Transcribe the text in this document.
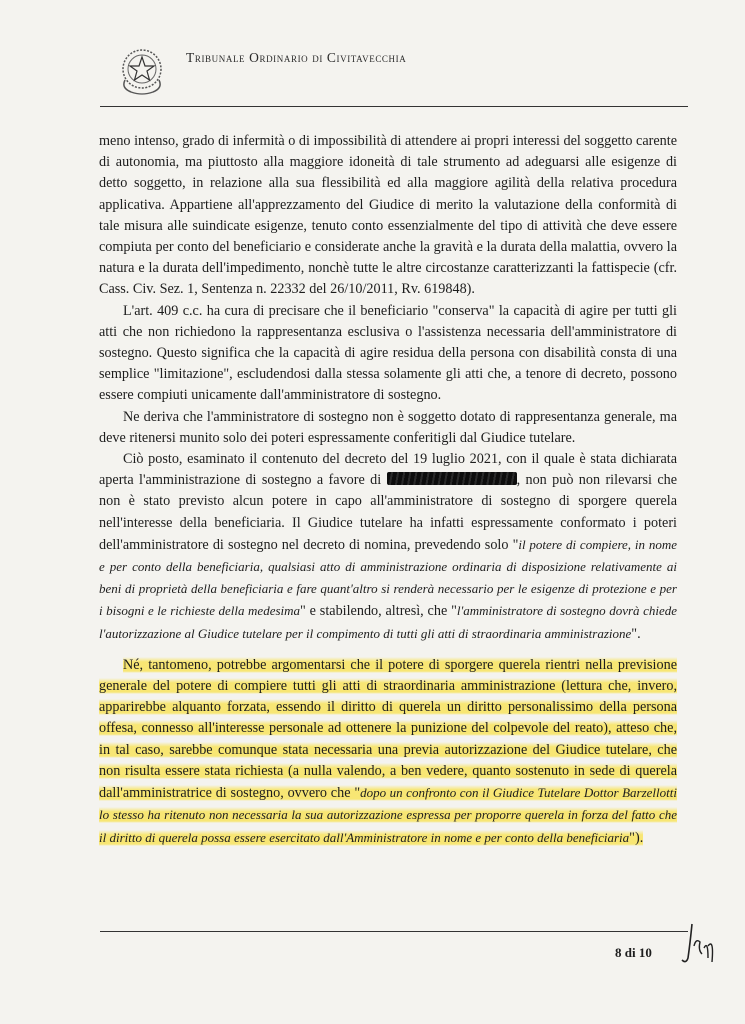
Tribunale Ordinario di Civitavecchia

meno intenso, grado di infermità o di impossibilità di attendere ai propri interessi del soggetto carente di autonomia, ma piuttosto alla maggiore idoneità di tale strumento ad adeguarsi alle esigenze di detto soggetto, in relazione alla sua flessibilità ed alla maggiore agilità della relativa procedura applicativa. Appartiene all'apprezzamento del Giudice di merito la valutazione della conformità di tale misura alle suindicate esigenze, tenuto conto essenzialmente del tipo di attività che deve essere compiuta per conto del beneficiario e considerate anche la gravità e la durata della malattia, ovvero la natura e la durata dell'impedimento, nonchè tutte le altre circostanze caratterizzanti la fattispecie (cfr. Cass. Civ. Sez. 1, Sentenza n. 22332 del 26/10/2011, Rv. 619848).

L'art. 409 c.c. ha cura di precisare che il beneficiario "conserva" la capacità di agire per tutti gli atti che non richiedono la rappresentanza esclusiva o l'assistenza necessaria dell'amministratore di sostegno. Questo significa che la capacità di agire residua della persona con disabilità consta di una semplice "limitazione", escludendosi dalla stessa solamente gli atti che, a tenore di decreto, possono essere compiuti unicamente dall'amministratore di sostegno.

Ne deriva che l'amministratore di sostegno non è soggetto dotato di rappresentanza generale, ma deve ritenersi munito solo dei poteri espressamente conferitigli dal Giudice tutelare.

Ciò posto, esaminato il contenuto del decreto del 19 luglio 2021, con il quale è stata dichiarata aperta l'amministrazione di sostegno a favore di	, non può non rilevarsi che non è stato previsto alcun potere in capo all'amministratore di sostegno di sporgere querela nell'interesse della beneficiaria. Il Giudice tutelare ha infatti espressamente conformato i poteri dell'amministratore di sostegno nel decreto di nomina, prevedendo solo "il potere di compiere, in nome e per conto della beneficiaria, qualsiasi atto di amministrazione ordinaria di disposizione relativamente ai beni di proprietà della beneficiaria e fare quant'altro si renderà necessario per le esigenze di protezione e per i bisogni e le richieste della medesima" e stabilendo, altresì, che "l'amministratore di sostegno dovrà chiede l'autorizzazione al Giudice tutelare per il compimento di tutti gli atti di straordinaria amministrazione".

Né, tantomeno, potrebbe argomentarsi che il potere di sporgere querela rientri nella previsione generale del potere di compiere tutti gli atti di straordinaria amministrazione (lettura che, invero, apparirebbe alquanto forzata, essendo il diritto di querela un diritto personalissimo della persona offesa, connesso all'interesse personale ad ottenere la punizione del colpevole del reato), atteso che, in tal caso, sarebbe comunque stata necessaria una previa autorizzazione del Giudice tutelare, che non risulta essere stata richiesta (a nulla valendo, a ben vedere, quanto sostenuto in sede di querela dall'amministratrice di sostegno, ovvero che "dopo un confronto con il Giudice Tutelare Dottor Barzellotti lo stesso ha ritenuto non necessaria la sua autorizzazione espressa per proporre querela in forza del fatto che il diritto di querela possa essere esercitato dall'Amministratore in nome e per conto della beneficiaria").

8 di 10
